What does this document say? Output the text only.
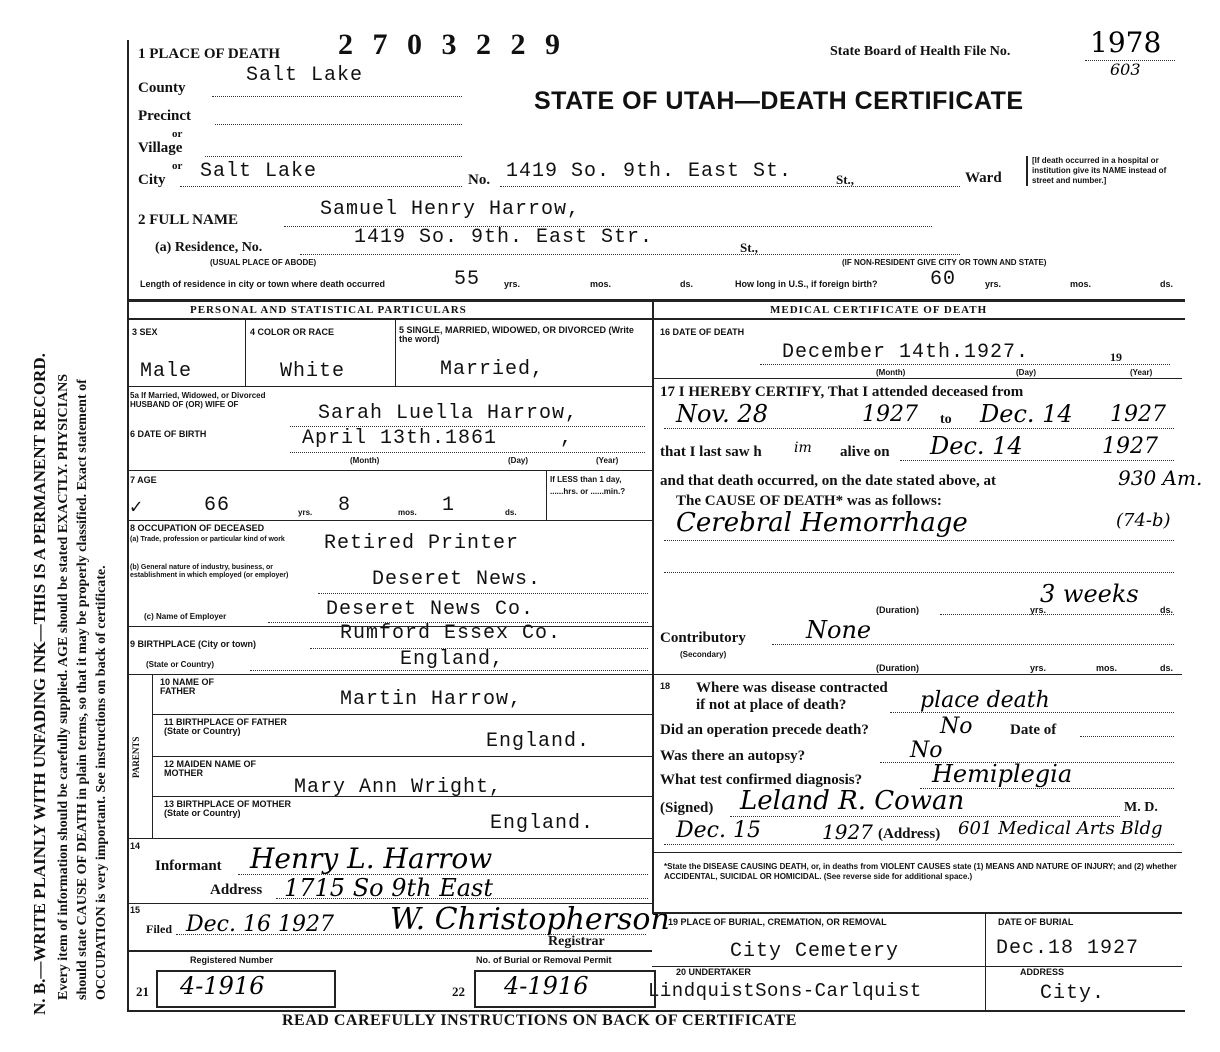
N. B.—WRITE PLAINLY WITH UNFADING INK—THIS IS A PERMANENT RECORD. Every item of information should be carefully supplied. AGE should be stated EXACTLY. PHYSICIANS should state CAUSE OF DEATH in plain terms, so that it may be properly classified. Exact statement of OCCUPATION is very important. See instructions on back of certificate.
1 PLACE OF DEATH 2 7 0 3 2 2 9	State Board of Health File No.	1978
603
STATE OF UTAH—DEATH CERTIFICATE
County
Salt Lake
Precinct
or
Village
or
City Salt Lake	No. 1419 So. 9th. East St.	St.,	Ward
[If death occurred in a hospital or institution give its NAME instead of street and number.]
2 FULL NAME	Samuel Henry Harrow,
(a) Residence, No.	1419 So. 9th. East Str.	St.,
(USUAL PLACE OF ABODE)	(IF NON-RESIDENT GIVE CITY OR TOWN AND STATE)
Length of residence in city or town where death occurred	55	yrs.	mos.	ds.	How long in U.S., if foreign birth?	60	yrs.	mos.	ds.
PERSONAL AND STATISTICAL PARTICULARS
3 SEX	4 COLOR OR RACE	5 SINGLE, MARRIED, WIDOWED, OR DIVORCED (Write the word)
Male	White	Married,
5a If Married, Widowed, or Divorced HUSBAND OF (OR) WIFE OF	Sarah Luella Harrow,
6 DATE OF BIRTH	April 13th.1861	,
(Month)	(Day)	(Year)
7 AGE
✓	66	8	1
yrs.	mos.	ds.
If LESS than 1 day, ......hrs. or ......min.?
8 OCCUPATION OF DECEASED
(a) Trade, profession or particular kind of work	Retired Printer
(b) General nature of industry, business, or establishment in which employed (or employer)	Deseret News.
(c) Name of Employer	Deseret News Co.
9 BIRTHPLACE (City or town)	Rumford Essex Co.
(State or Country)	England,
PARENTS
10 NAME OF FATHER	Martin Harrow,
11 BIRTHPLACE OF FATHER (State or Country)	England.
12 MAIDEN NAME OF MOTHER
Mary Ann Wright,
13 BIRTHPLACE OF MOTHER (State or Country)	England.
14
Informant Henry L. Harrow
Address 1715 So 9th East
15
Filed Dec. 16 1927 W. Christopherson
Registrar
MEDICAL CERTIFICATE OF DEATH
16 DATE OF DEATH
December 14th.1927.	19
(Month)	(Day)	(Year)
17 I HEREBY CERTIFY, That I attended deceased from
Nov. 28	1927 to Dec. 14 1927
that I last saw h im alive on Dec. 14	1927
and that death occurred, on the date stated above, at	930 Am.
The CAUSE OF DEATH* was as follows:
Cerebral Hemorrhage	(74-b)
(Duration)	yrs.
3 weeks
ds.
Contributory	None
(Secondary)
(Duration)	yrs.	mos.	ds.
18 Where was disease contracted
if not at place of death?	place death
Did an operation precede death?	No	Date of
Was there an autopsy?	No
What test confirmed diagnosis?	Hemiplegia
(Signed) Leland R. Cowan	M. D.
Dec. 15	1927 (Address) 601 Medical Arts Bldg
*State the DISEASE CAUSING DEATH, or, in deaths from VIOLENT CAUSES state (1) MEANS AND NATURE OF INJURY; and (2) whether ACCIDENTAL, SUICIDAL OR HOMICIDAL. (See reverse side for additional space.)
19 PLACE OF BURIAL, CREMATION, OR REMOVAL
City Cemetery
DATE OF BURIAL
Dec.18 1927
20 UNDERTAKER
LindquistSons-Carlquist
ADDRESS
City.
Registered Number	No. of Burial or Removal Permit
21 4-1916	22 4-1916
READ CAREFULLY INSTRUCTIONS ON BACK OF CERTIFICATE
